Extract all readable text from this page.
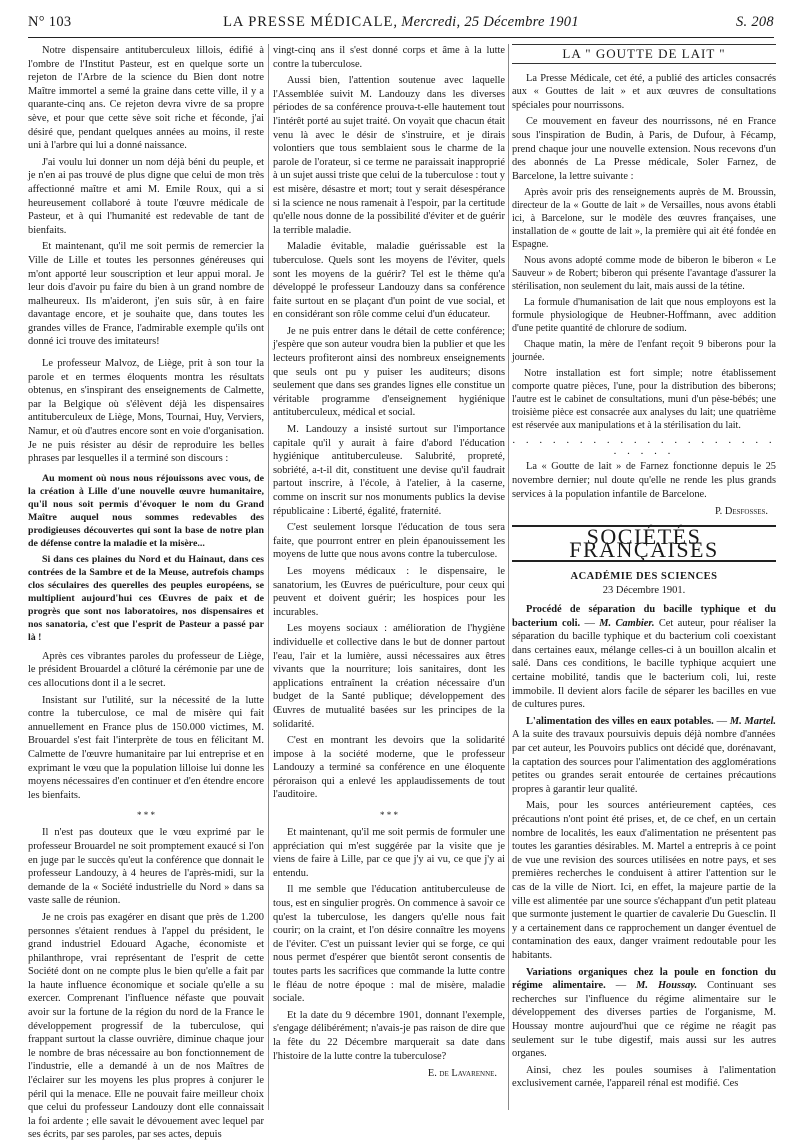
N° 103	LA PRESSE MÉDICALE, Mercredi, 25 Décembre 1901	S. 208

Notre dispensaire antituberculeux lillois, édifié à l'ombre de l'Institut Pasteur, est en quelque sorte un rejeton de l'Arbre de la science du Bien dont notre Maître immortel a semé la graine dans cette ville, il y a quarante-cinq ans. Ce rejeton devra vivre de sa propre sève, et pour que cette sève soit riche et féconde, j'ai désiré que, pendant quelques années au moins, il reste uni à l'arbre qui lui a donné naissance.

J'ai voulu lui donner un nom déjà béni du peuple, et je n'en ai pas trouvé de plus digne que celui de mon très affectionné maître et ami M. Emile Roux, qui a si heureusement collaboré à toute l'œuvre médicale de Pasteur, et à qui l'humanité est redevable de tant de bienfaits.

Et maintenant, qu'il me soit permis de remercier la Ville de Lille et toutes les personnes généreuses qui m'ont apporté leur souscription et leur appui moral. Je leur dois d'avoir pu faire du bien à un grand nombre de malheureux. Ils m'aideront, j'en suis sûr, à en faire davantage encore, et je souhaite que, dans toutes les grandes villes de France, l'admirable exemple qu'ils ont donné ici trouve des imitateurs!

Le professeur Malvoz, de Liège, prit à son tour la parole et en termes éloquents montra les résultats obtenus, en s'inspirant des enseignements de Calmette, par la Belgique où s'élèvent déjà les dispensaires antituberculeux de Liège, Mons, Tournai, Huy, Verviers, Namur, et où d'autres encore sont en voie d'organisation. Je ne puis résister au désir de reproduire les belles phrases par lesquelles il a terminé son discours :

Au moment où nous nous réjouissons avec vous, de la création à Lille d'une nouvelle œuvre humanitaire, qu'il nous soit permis d'évoquer le nom du Grand Maître auquel nous sommes redevables des prodigieuses découvertes qui sont la base de notre plan de défense contre la maladie et la misère...

Si dans ces plaines du Nord et du Hainaut, dans ces contrées de la Sambre et de la Meuse, autrefois champs clos séculaires des querelles des peuples européens, se multiplient aujourd'hui ces Œuvres de paix et de progrès que sont nos laboratoires, nos dispensaires et nos sanatoria, c'est que l'esprit de Pasteur a passé par là !

Après ces vibrantes paroles du professeur de Liège, le président Brouardel a clôturé la cérémonie par une de ces allocutions dont il a le secret.

Insistant sur l'utilité, sur la nécessité de la lutte contre la tuberculose, ce mal de misère qui fait annuellement en France plus de 150.000 victimes, M. Brouardel s'est fait l'interprète de tous en félicitant M. Calmette de l'œuvre humanitaire par lui entreprise et en exprimant le vœu que la population lilloise lui donne les moyens nécessaires d'en continuer et d'en étendre encore les bienfaits.

* * *

Il n'est pas douteux que le vœu exprimé par le professeur Brouardel ne soit promptement exaucé si l'on en juge par le succès qu'eut la conférence que donnait le professeur Landouzy, à 4 heures de l'après-midi, sur la demande de la « Société industrielle du Nord » dans sa vaste salle de réunion.

Je ne crois pas exagérer en disant que près de 1.200 personnes s'étaient rendues à l'appel du président, le grand industriel Edouard Agache, économiste et philanthrope, vrai représentant de l'esprit de cette Société dont on ne compte plus le bien qu'elle a fait par la haute influence économique et sociale qu'elle a su exercer. Comprenant l'influence néfaste que pouvait avoir sur la fortune de la région du nord de la France le développement progressif de la tuberculose, qui frappant surtout la classe ouvrière, diminue chaque jour le nombre de bras nécessaire au bon fonctionnement de l'industrie, elle a demandé à un de nos Maîtres de l'éclairer sur les moyens les plus propres à conjurer le péril qui la menace. Elle ne pouvait faire meilleur choix que celui du professeur Landouzy dont elle connaissait la foi ardente ; elle savait le dévouement avec lequel par ses écrits, par ses paroles, par ses actes, depuis

vingt-cinq ans il s'est donné corps et âme à la lutte contre la tuberculose.

Aussi bien, l'attention soutenue avec laquelle l'Assemblée suivit M. Landouzy dans les diverses périodes de sa conférence prouva-t-elle hautement tout l'intérêt porté au sujet traité. On voyait que chacun était venu là avec le désir de s'instruire, et je dirais volontiers que tous semblaient sous le charme de la parole de l'orateur, si ce terme ne paraissait inapproprié à un sujet aussi triste que celui de la tuberculose : tout y est misère, désastre et mort; tout y serait désespérance si la science ne nous ramenait à l'espoir, par la certitude qu'elle nous donne de la possibilité d'éviter et de guérir la terrible maladie.

Maladie évitable, maladie guérissable est la tuberculose. Quels sont les moyens de l'éviter, quels sont les moyens de la guérir? Tel est le thème qu'a développé le professeur Landouzy dans sa conférence faite surtout en se plaçant d'un point de vue social, et en considérant son rôle comme celui d'un éducateur.

Je ne puis entrer dans le détail de cette conférence; j'espère que son auteur voudra bien la publier et que les lecteurs profiteront ainsi des nombreux enseignements que seuls ont pu y puiser les auditeurs; disons seulement que dans ses grandes lignes elle constitue un véritable programme d'enseignement hygiénique antituberculeux, médical et social.

M. Landouzy a insisté surtout sur l'importance capitale qu'il y aurait à faire d'abord l'éducation hygiénique antituberculeuse. Salubrité, propreté, sobriété, a-t-il dit, constituent une devise qu'il faudrait partout inscrire, à l'école, à l'atelier, à la caserne, comme on inscrit sur nos monuments publics la devise républicaine : Liberté, égalité, fraternité.

C'est seulement lorsque l'éducation de tous sera faite, que pourront entrer en plein épanouissement les moyens de lutte que nous avons contre la tuberculose.

Les moyens médicaux : le dispensaire, le sanatorium, les Œuvres de puériculture, pour ceux qui peuvent et doivent guérir; les hospices pour les incurables.

Les moyens sociaux : amélioration de l'hygiène individuelle et collective dans le but de donner partout l'eau, l'air et la lumière, aussi nécessaires aux êtres vivants que la nourriture; lois sanitaires, dont les applications entraînent la création nécessaire d'un budget de la Santé publique; développement des Œuvres de mutualité basées sur les principes de la solidarité.

C'est en montrant les devoirs que la solidarité impose à la société moderne, que le professeur Landouzy a terminé sa conférence en une éloquente péroraison qui a enlevé les applaudissements de tout l'auditoire.

* * *

Et maintenant, qu'il me soit permis de formuler une appréciation qui m'est suggérée par la visite que je viens de faire à Lille, par ce que j'y ai vu, ce que j'y ai entendu.

Il me semble que l'éducation antituberculeuse de tous, est en singulier progrès. On commence à savoir ce qu'est la tuberculose, les dangers qu'elle nous fait courir; on la craint, et l'on désire connaître les moyens de l'éviter. C'est un puissant levier qui se forge, ce qui nous permet d'espérer que bientôt seront consentis de toutes parts les sacrifices que commande la lutte contre le fléau de notre époque : mal de misère, maladie sociale.

Et la date du 9 décembre 1901, donnant l'exemple, s'engage délibérément; n'avais-je pas raison de dire que la fête du 22 Décembre marquerait sa date dans l'histoire de la lutte contre la tuberculose?

E. de Lavarenne.

LA " GOUTTE DE LAIT "

La Presse Médicale, cet été, a publié des articles consacrés aux « Gouttes de lait » et aux œuvres de consultations spéciales pour nourrissons.

Ce mouvement en faveur des nourrissons, né en France sous l'inspiration de Budin, à Paris, de Dufour, à Fécamp, prend chaque jour une nouvelle extension. Nous recevons d'un des abonnés de La Presse médicale, Soler Farnez, de Barcelone, la lettre suivante :

Après avoir pris des renseignements auprès de M. Broussin, directeur de la « Goutte de lait » de Versailles, nous avons établi ici, à Barcelone, sur le modèle des œuvres françaises, une installation de « goutte de lait », la première qui ait été fondée en Espagne.

Nous avons adopté comme mode de biberon le biberon « Le Sauveur » de Robert; biberon qui présente l'avantage d'assurer la stérilisation, non seulement du lait, mais aussi de la tétine.

La formule d'humanisation de lait que nous employons est la formule physiologique de Heubner-Hoffmann, avec addition d'une petite quantité de chlorure de sodium.

Chaque matin, la mère de l'enfant reçoit 9 biberons pour la journée.

Notre installation est fort simple; notre établissement comporte quatre pièces, l'une, pour la distribution des biberons; l'autre est le cabinet de consultations, muni d'un pèse-bébés; une troisième pièce est consacrée aux analyses du lait; une quatrième est réservée aux manipulations et à la stérilisation du lait.

. . . . . . . . . . . . . . . . . . . . . . . . .

La « Goutte de lait » de Farnez fonctionne depuis le 25 novembre dernier; nul doute qu'elle ne rende les plus grands services à la population infantile de Barcelone.

P. Desfosses.

SOCIÉTÉS FRANÇAISES
ACADÉMIE DES SCIENCES
23 Décembre 1901.

Procédé de séparation du bacille typhique et du bacterium coli. — M. Cambier. Cet auteur, pour réaliser la séparation du bacille typhique et du bacterium coli coexistant dans certaines eaux, mélange celles-ci à un bouillon alcalin et salé. Dans ces conditions, le bacille typhique acquiert une certaine mobilité, tandis que le bacterium coli, lui, reste immobile. Il devient alors facile de séparer les bacilles en vue de cultures pures.

L'alimentation des villes en eaux potables. — M. Martel. A la suite des travaux poursuivis depuis déjà nombre d'années par cet auteur, les Pouvoirs publics ont décidé que, dorénavant, la captation des sources pour l'alimentation des agglomérations petites ou grandes serait entourée de certaines précautions propres à garantir leur qualité.

Mais, pour les sources antérieurement captées, ces précautions n'ont point été prises, et, de ce chef, en un certain nombre de localités, les eaux d'alimentation ne présentent pas toutes les garanties désirables. M. Martel a entrepris à ce point de vue une revision des sources utilisées en notre pays, et ses premières recherches le conduisent à attirer l'attention sur le cas de la ville de Niort. Ici, en effet, la majeure partie de la ville est alimentée par une source s'échappant d'un petit plateau que surmonte justement le quartier de cavalerie Du Guesclin. Il y a certainement dans ce rapprochement un danger éventuel de contamination des eaux, danger vraiment redoutable pour les habitants.

Variations organiques chez la poule en fonction du régime alimentaire. — M. Houssay. Continuant ses recherches sur l'influence du régime alimentaire sur le développement des diverses parties de l'organisme, M. Houssay montre aujourd'hui que ce régime ne réagit pas seulement sur le tube digestif, mais aussi sur les autres organes.

Ainsi, chez les poules soumises à l'alimentation exclusivement carnée, l'appareil rénal est modifié. Ces
